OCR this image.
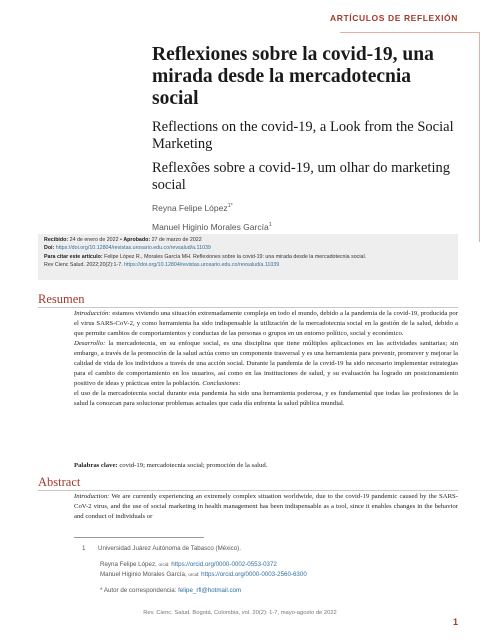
ARTÍCULOS DE REFLEXIÓN
Reflexiones sobre la covid-19, una mirada desde la mercadotecnia social
Reflections on the covid-19, a Look from the Social Marketing
Reflexões sobre a covid-19, um olhar do marketing social
Reyna Felipe López$^{1*}$
Manuel Higinio Morales García$^1$
Recibido: 24 de enero de 2022 • Aprobado: 27 de marzo de 2022
Doi: https://doi.org/10.12804/revistas.urosario.edu.co/revsalud/a.11039
Para citar este artículo: Felipe López R., Morales García MH. Reflexiones sobre la covid-19: una mirada desde la mercadotecnia social.
Rev Cienc Salud. 2022;20(2):1-7. https://doi.org/10.12804/revistas.urosario.edu.co/revsalud/a.11039
Resumen

Introducción: estamos viviendo una situación extremadamente compleja en todo el mundo, debido a la pandemia de la covid-19, producida por el virus SARS-CoV-2, y como herramienta ha sido indispensable la utilización de la mercadotecnia social en la gestión de la salud, debido a que permite cambios de comportamientos y conductas de las personas o grupos en un entorno político, social y económico.

Desarrollo: la mercadotecnia, en su enfoque social, es una disciplina que tiene múltiples aplicaciones en las actividades sanitarias; sin embargo, a través de la promoción de la salud actúa como un componente trasversal y es una herramienta para prevenir, promover y mejorar la calidad de vida de los individuos a través de una acción social. Durante la pandemia de la covid-19 ha sido necesario implementar estrategias para el cambio de comportamiento en los usuarios, así como en las instituciones de salud, y su evaluación ha logrado un posicionamiento positivo de ideas y prácticas entre la población. Conclusiones:

el uso de la mercadotecnia social durante esta pandemia ha sido una herramienta poderosa, y es fundamental que todas las profesiones de la salud la conozcan para solucionar problemas actuales que cada día enfrenta la salud pública mundial.

Palabras clave: covid-19; mercadotecnia social; promoción de la salud.
Abstract

Introduction: We are currently experiencing an extremely complex situation worldwide, due to the covid-19 pandemic caused by the SARS-CoV-2 virus, and the use of social marketing in health management has been indispensable as a tool, since it enables changes in the behavior and conduct of individuals or

1 Universidad Juárez Autónoma de Tabasco (México).
Reyna Felipe López, orcid: https://orcid.org/0000-0002-0553-0372
Manuel Higinio Morales García, orcid: https://orcid.org/0000-0003-2560-6300
* Autor de correspondencia: felipe_rfl@hotmail.com
Rev. Cienc. Salud. Bogotá, Colombia, vol. 20(2): 1-7, mayo-agosto de 2022
1
